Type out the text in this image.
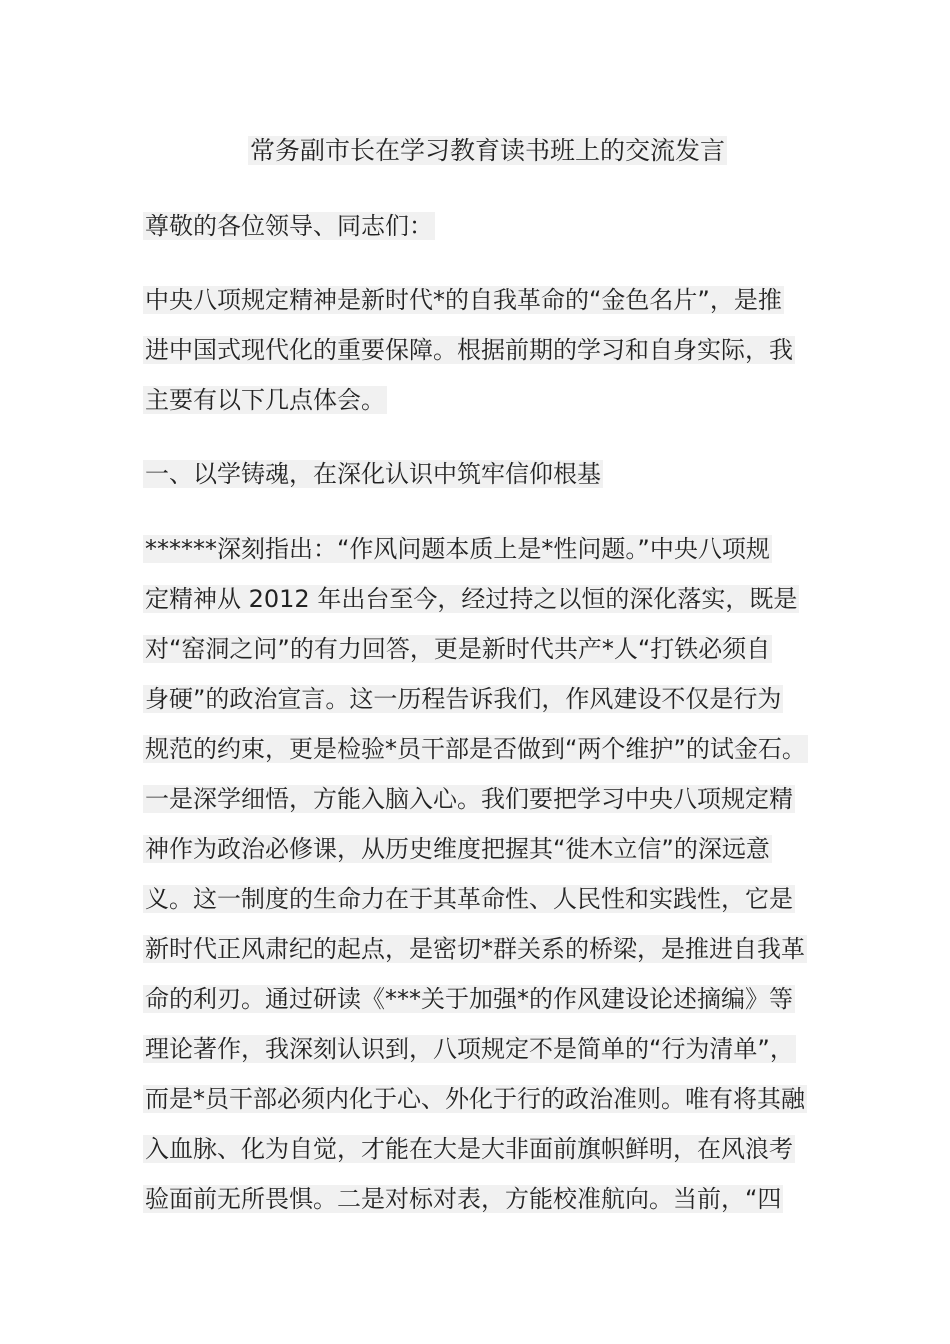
常务副市长在学习教育读书班上的交流发言
尊敬的各位领导、同志们：
中央八项规定精神是新时代*的自我革命的“金色名片”，是推
进中国式现代化的重要保障。根据前期的学习和自身实际，我
主要有以下几点体会。
一、以学铸魂，在深化认识中筑牢信仰根基
******深刻指出：“作风问题本质上是*性问题。”中央八项规
定精神从 2012 年出台至今，经过持之以恒的深化落实，既是
对“窑洞之问”的有力回答，更是新时代共产*人“打铁必须自
身硬”的政治宣言。这一历程告诉我们，作风建设不仅是行为
规范的约束，更是检验*员干部是否做到“两个维护”的试金石。
一是深学细悟，方能入脑入心。我们要把学习中央八项规定精
神作为政治必修课，从历史维度把握其“徙木立信”的深远意
义。这一制度的生命力在于其革命性、人民性和实践性，它是
新时代正风肃纪的起点，是密切*群关系的桥梁，是推进自我革
命的利刃。通过研读《***关于加强*的作风建设论述摘编》等
理论著作，我深刻认识到，八项规定不是简单的“行为清单”，
而是*员干部必须内化于心、外化于行的政治准则。唯有将其融
入血脉、化为自觉，才能在大是大非面前旗帜鲜明，在风浪考
验面前无所畏惧。二是对标对表，方能校准航向。当前，“四
